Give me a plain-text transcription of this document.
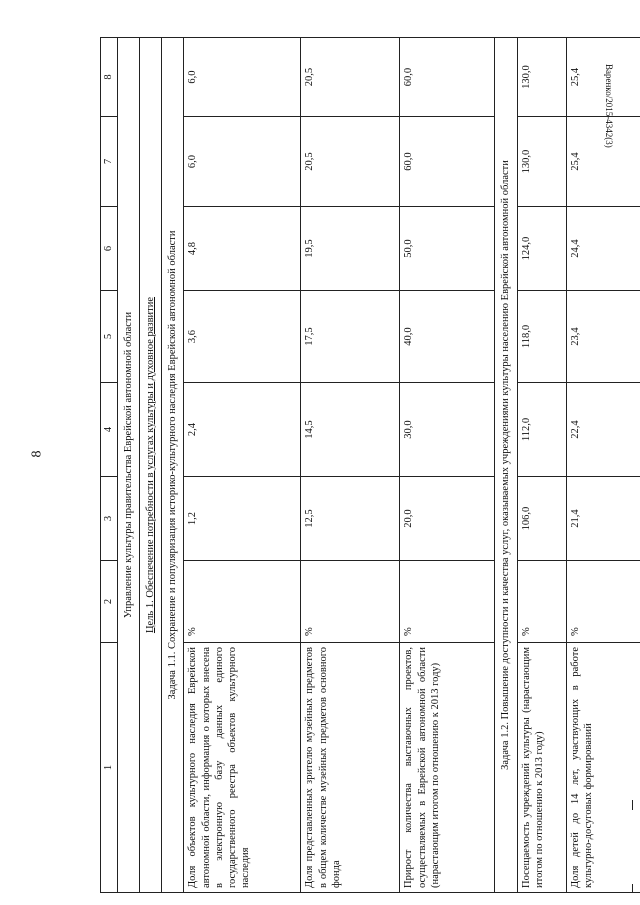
8
Варенко/2015-4342(3)
1	2	3	4	5	6	7	8
Управление культуры правительства Еврейской автономной области							
Цель 1. Обеспечение потребности в услугах культуры и духовное развитие							
Задача 1.1. Сохранение и популяризация историко-культурного наследия Еврейской автономной области							
Доля объектов культурного наследия Еврейской автономной области, информация о которых внесена в электронную базу данных единого государственного реестра объектов культурного наследия	%	1,2	2,4	3,6	4,8	6,0	6,0
Доля представленных зрителю музейных предметов в общем количестве музейных предметов основного фонда	%	12,5	14,5	17,5	19,5	20,5	20,5
Прирост количества выставочных проектов, осуществляемых в Еврейской автономной области (нарастающим итогом по отношению к 2013 году)	%	20,0	30,0	40,0	50,0	60,0	60,0
Задача 1.2. Повышение доступности и качества услуг, оказываемых учреждениями культуры населению Еврейской автономной области							
Посещаемость учреждений культуры (нарастающим итогом по отношению к 2013 году)	%	106,0	112,0	118,0	124,0	130,0	130,0
Доля детей до 14 лет, участвующих в работе культурно-досуговых формирований	%	21,4	22,4	23,4	24,4	25,4	25,4
